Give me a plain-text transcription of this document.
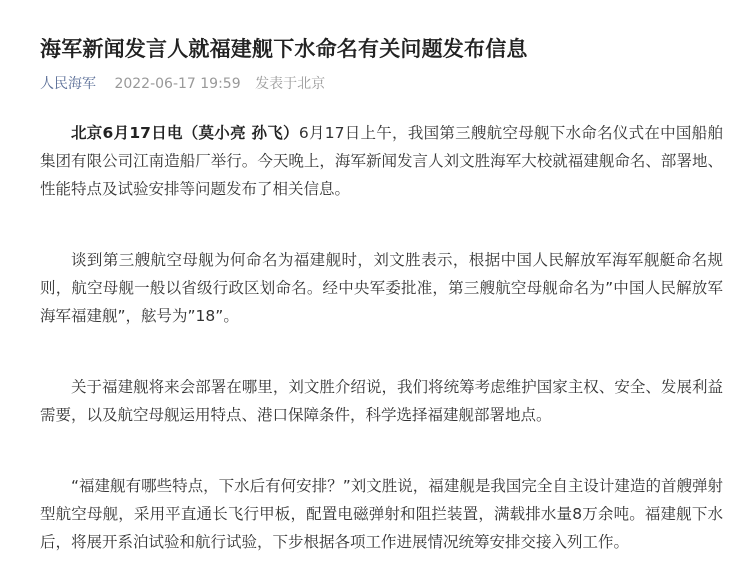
海军新闻发言人就福建舰下水命名有关问题发布信息
人民海军 2022-06-17 19:59 发表于北京

北京6月17日电（莫小亮 孙飞）6月17日上午，我国第三艘航空母舰下水命名仪式在中国船舶集团有限公司江南造船厂举行。今天晚上，海军新闻发言人刘文胜海军大校就福建舰命名、部署地、性能特点及试验安排等问题发布了相关信息。

谈到第三艘航空母舰为何命名为福建舰时，刘文胜表示，根据中国人民解放军海军舰艇命名规则，航空母舰一般以省级行政区划命名。经中央军委批准，第三艘航空母舰命名为”中国人民解放军海军福建舰”，舷号为”18”。

关于福建舰将来会部署在哪里，刘文胜介绍说，我们将统筹考虑维护国家主权、安全、发展利益需要，以及航空母舰运用特点、港口保障条件，科学选择福建舰部署地点。

“福建舰有哪些特点，下水后有何安排？”刘文胜说，福建舰是我国完全自主设计建造的首艘弹射型航空母舰，采用平直通长飞行甲板，配置电磁弹射和阻拦装置，满载排水量8万余吨。福建舰下水后，将展开系泊试验和航行试验，下步根据各项工作进展情况统筹安排交接入列工作。
